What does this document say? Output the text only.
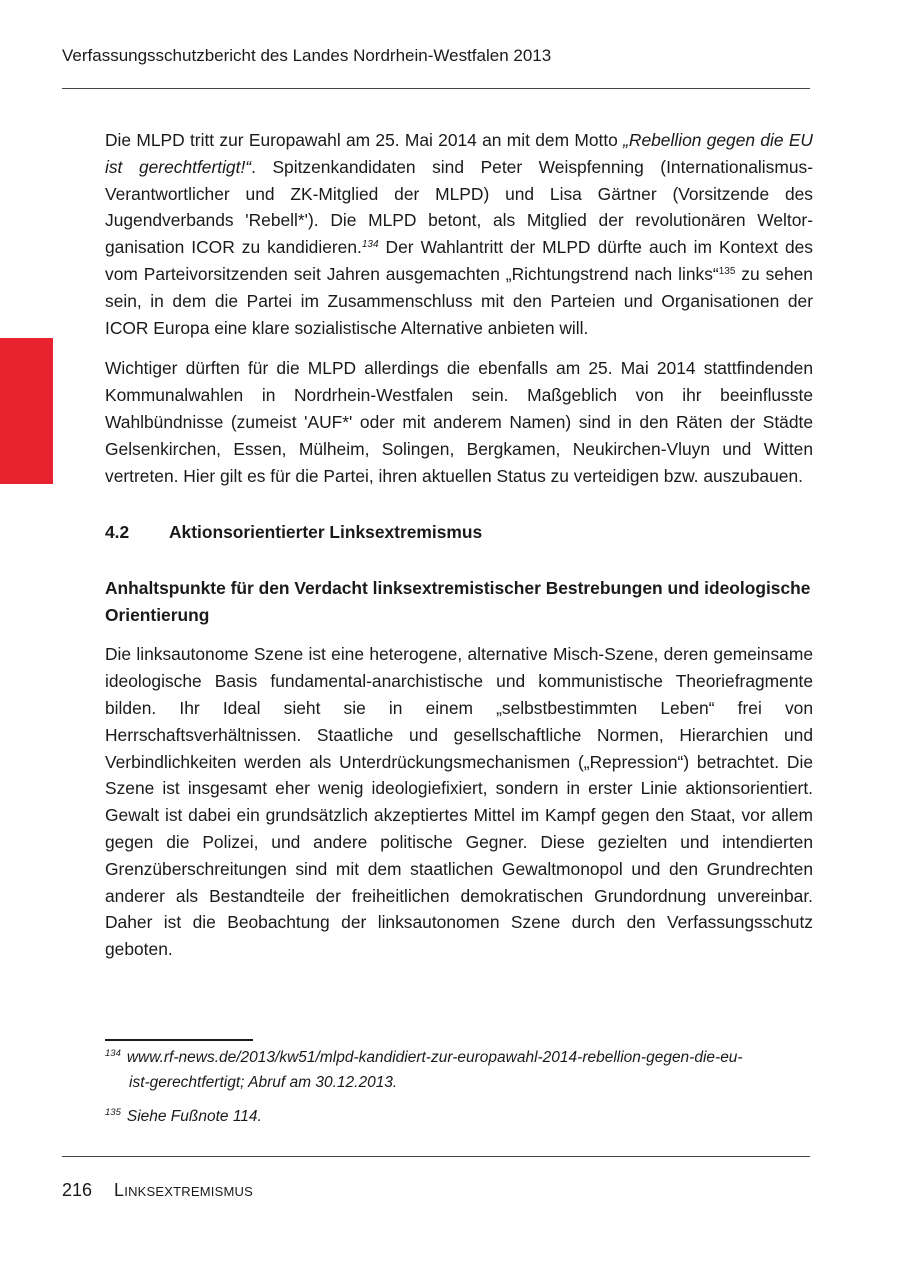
Verfassungsschutzbericht des Landes Nordrhein-Westfalen 2013

Die MLPD tritt zur Europawahl am 25. Mai 2014 an mit dem Motto „Rebellion gegen die EU ist gerechtfertigt!“. Spitzenkandidaten sind Peter Weispfenning (Internationalismus-Verantwortlicher und ZK-Mitglied der MLPD) und Lisa Gärtner (Vorsitzende des Jugendverbands 'Rebell*'). Die MLPD betont, als Mitglied der revolutionären Weltorganisation ICOR zu kandidieren.$^{134}$ Der Wahlantritt der MLPD dürfte auch im Kontext des vom Parteivorsitzenden seit Jahren ausgemachten „Richtungstrend nach links“$^{135}$ zu sehen sein, in dem die Partei im Zusammenschluss mit den Parteien und Organisationen der ICOR Europa eine klare sozialistische Alternative anbieten will.

Wichtiger dürften für die MLPD allerdings die ebenfalls am 25. Mai 2014 stattfindenden Kommunalwahlen in Nordrhein-Westfalen sein. Maßgeblich von ihr beeinflusste Wahlbündnisse (zumeist 'AUF*' oder mit anderem Namen) sind in den Räten der Städte Gelsenkirchen, Essen, Mülheim, Solingen, Bergkamen, Neukirchen-Vluyn und Witten vertreten. Hier gilt es für die Partei, ihren aktuellen Status zu verteidigen bzw. auszubauen.

4.2 Aktionsorientierter Linksextremismus
Anhaltspunkte für den Verdacht linksextremistischer Bestrebungen und ideologische Orientierung

Die linksautonome Szene ist eine heterogene, alternative Misch-Szene, deren gemeinsame ideologische Basis fundamental-anarchistische und kommunistische Theoriefragmente bilden. Ihr Ideal sieht sie in einem „selbstbestimmten Leben“ frei von Herrschaftsverhältnissen. Staatliche und gesellschaftliche Normen, Hierarchien und Verbindlichkeiten werden als Unterdrückungsmechanismen („Repression“) betrachtet. Die Szene ist insgesamt eher wenig ideologiefixiert, sondern in erster Linie aktionsorientiert. Gewalt ist dabei ein grundsätzlich akzeptiertes Mittel im Kampf gegen den Staat, vor allem gegen die Polizei, und andere politische Gegner. Diese gezielten und intendierten Grenzüberschreitungen sind mit dem staatlichen Gewaltmonopol und den Grundrechten anderer als Bestandteile der freiheitlichen demokratischen Grundordnung unvereinbar. Daher ist die Beobachtung der linksautonomen Szene durch den Verfassungsschutz geboten.

$^{134}$ www.rf-news.de/2013/kw51/mlpd-kandidiert-zur-europawahl-2014-rebellion-gegen-die-eu-
ist-gerechtfertigt; Abruf am 30.12.2013.
$^{135}$ Siehe Fußnote 114.
216 Linksextremismus
